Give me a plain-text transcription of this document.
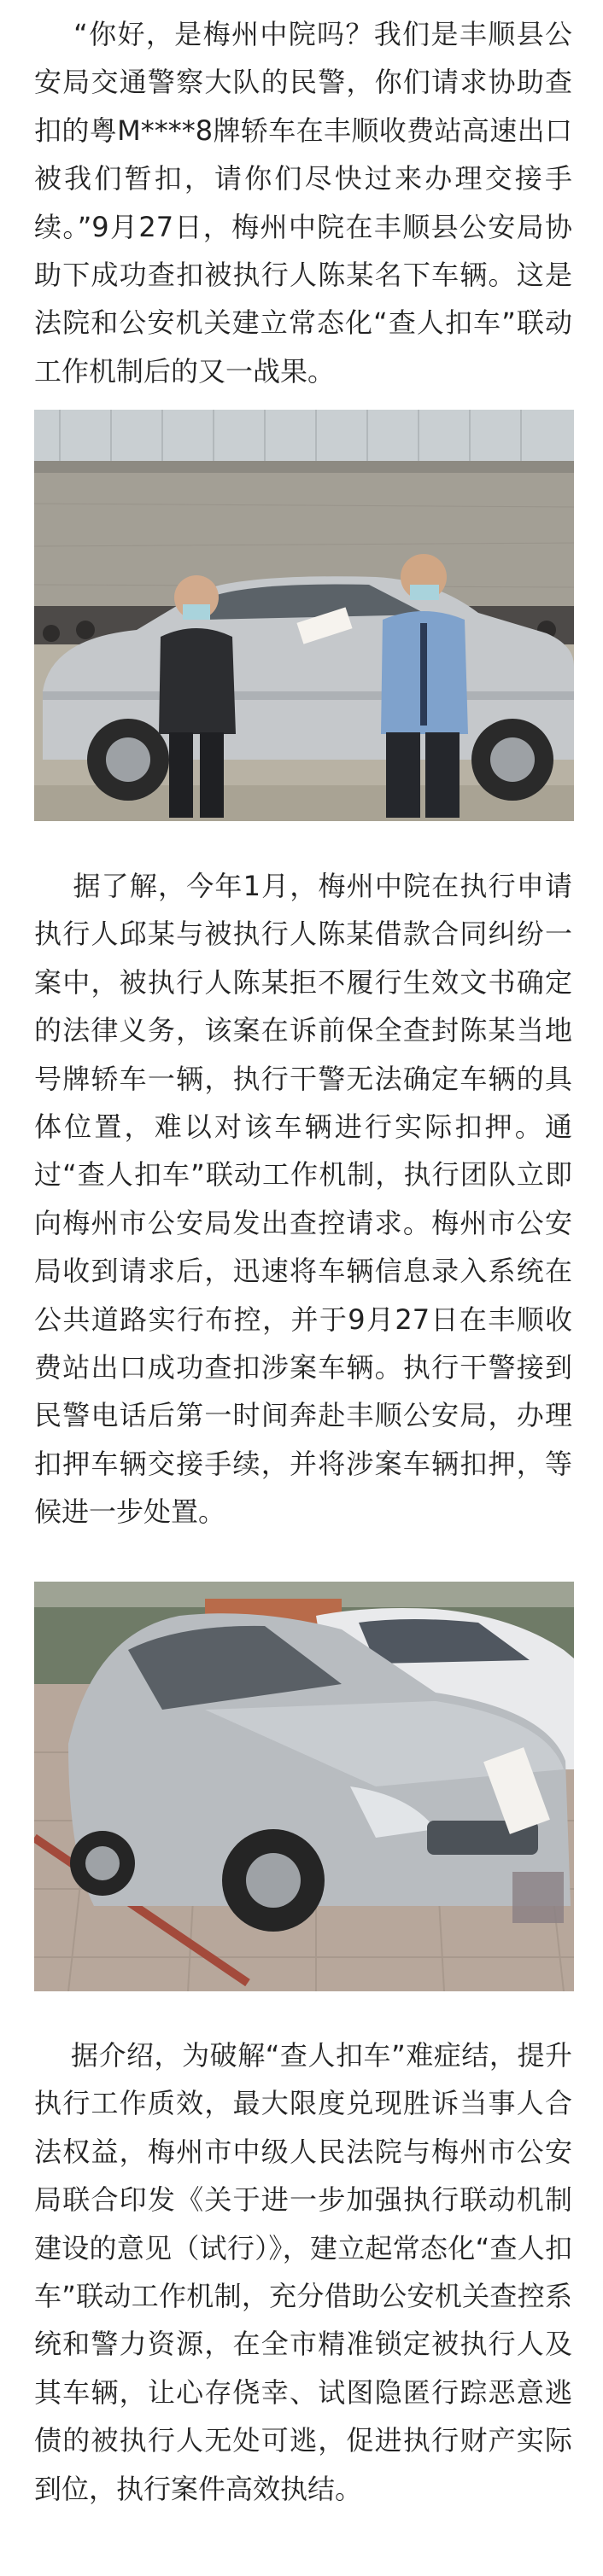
“你好，是梅州中院吗？我们是丰顺县公安局交通警察大队的民警，你们请求协助查扣的粤M****8牌轿车在丰顺收费站高速出口被我们暂扣，请你们尽快过来办理交接手续。”9月27日，梅州中院在丰顺县公安局协助下成功查扣被执行人陈某名下车辆。这是法院和公安机关建立常态化“查人扣车”联动工作机制后的又一战果。

据了解，今年1月，梅州中院在执行申请执行人邱某与被执行人陈某借款合同纠纷一案中，被执行人陈某拒不履行生效文书确定的法律义务，该案在诉前保全查封陈某当地号牌轿车一辆，执行干警无法确定车辆的具体位置，难以对该车辆进行实际扣押。通过“查人扣车”联动工作机制，执行团队立即向梅州市公安局发出查控请求。梅州市公安局收到请求后，迅速将车辆信息录入系统在公共道路实行布控，并于9月27日在丰顺收费站出口成功查扣涉案车辆。执行干警接到民警电话后第一时间奔赴丰顺公安局，办理扣押车辆交接手续，并将涉案车辆扣押，等候进一步处置。

据介绍，为破解“查人扣车”难症结，提升执行工作质效，最大限度兑现胜诉当事人合法权益，梅州市中级人民法院与梅州市公安局联合印发《关于进一步加强执行联动机制建设的意见（试行）》，建立起常态化“查人扣车”联动工作机制，充分借助公安机关查控系统和警力资源，在全市精准锁定被执行人及其车辆，让心存侥幸、试图隐匿行踪恶意逃债的被执行人无处可逃，促进执行财产实际到位，执行案件高效执结。
